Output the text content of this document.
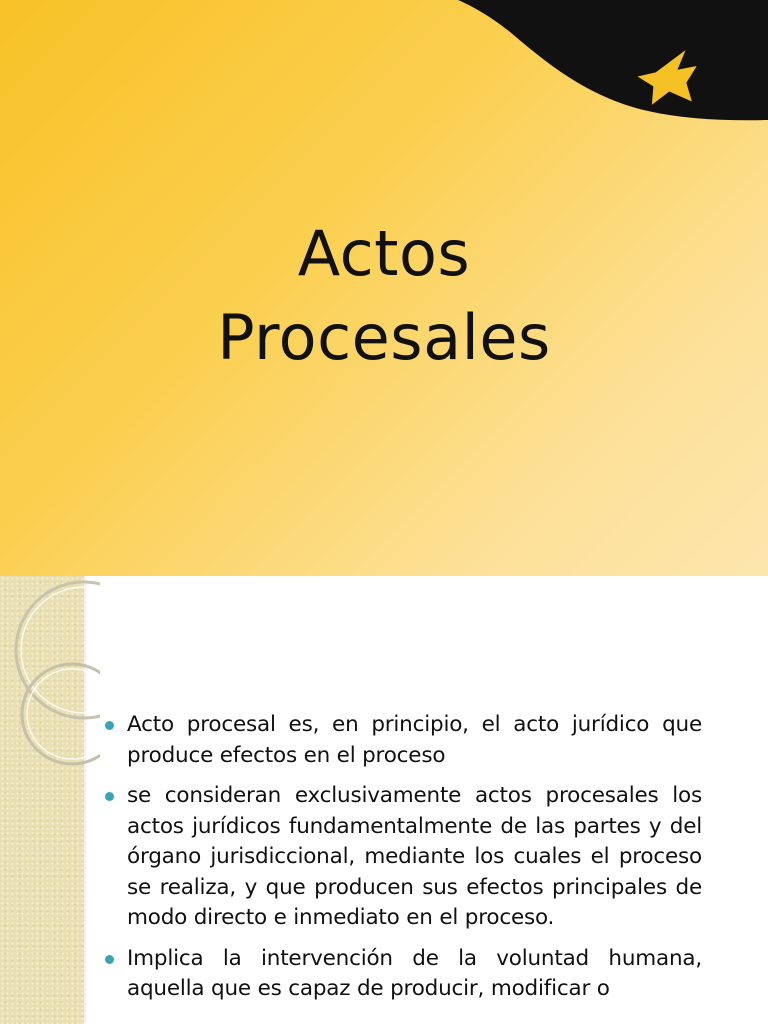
Actos
Procesales
Acto procesal es, en principio, el acto jurídico que produce efectos en el proceso
se consideran exclusivamente actos procesales los actos jurídicos fundamentalmente de las partes y del órgano jurisdiccional, mediante los cuales el proceso se realiza, y que producen sus efectos principales de modo directo e inmediato en el proceso.
Implica la intervención de la voluntad humana, aquella que es capaz de producir, modificar o
